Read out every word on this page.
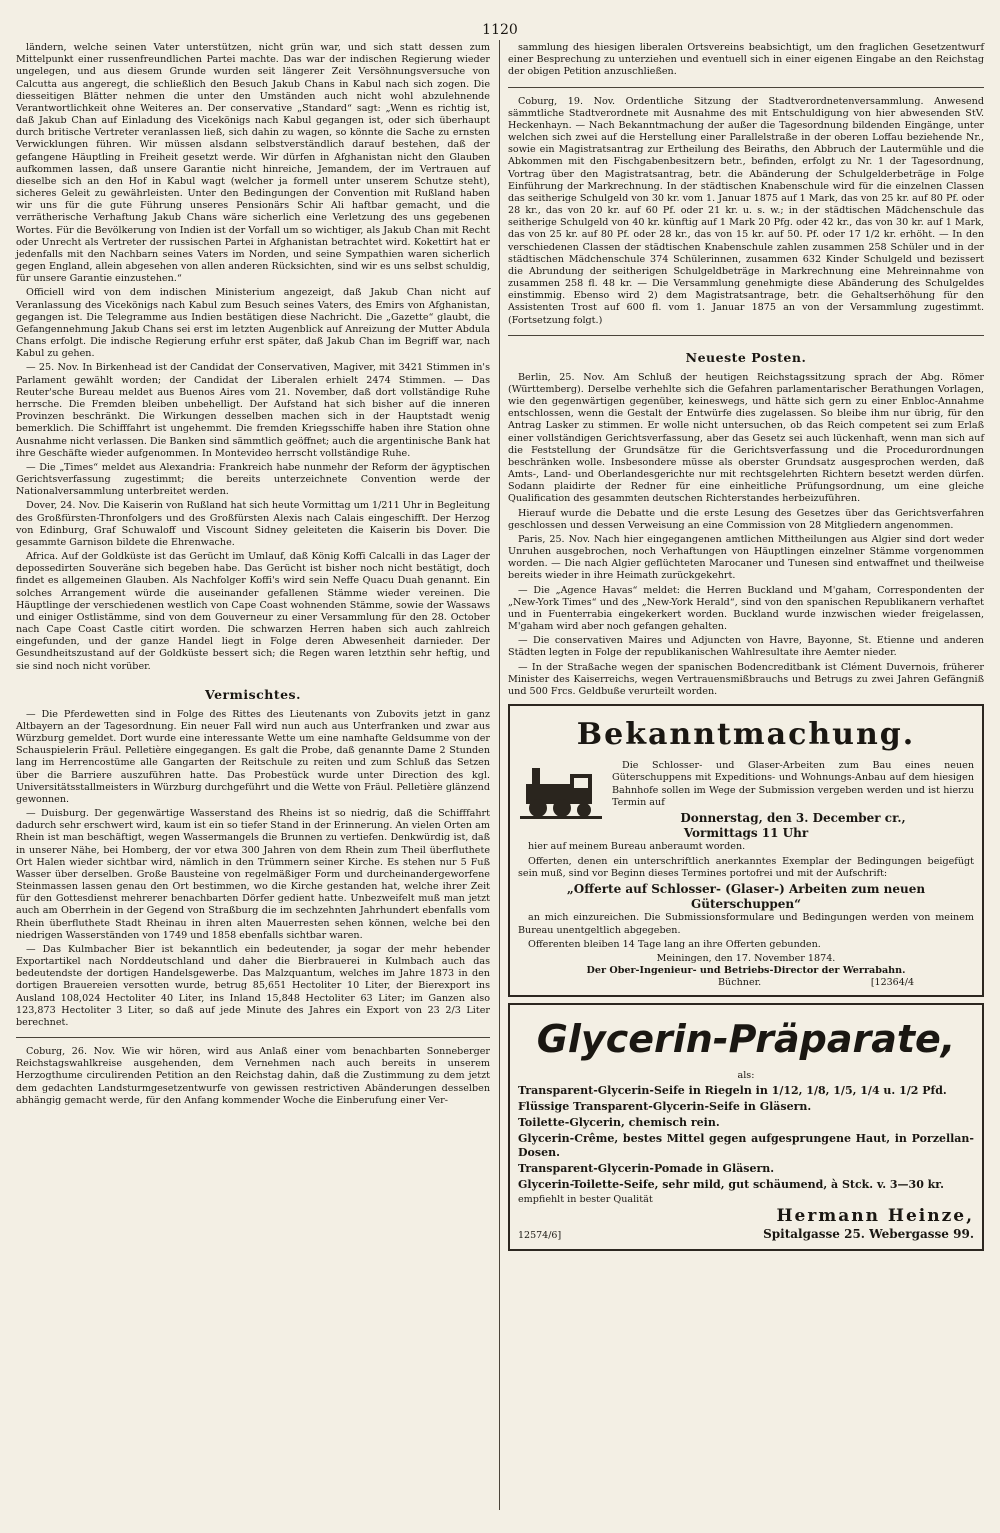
1120

ländern, welche seinen Vater unterstützen, nicht grün war, und sich statt dessen zum Mittelpunkt einer russenfreundlichen Partei machte. Das war der indischen Regierung wieder ungelegen, und aus diesem Grunde wurden seit längerer Zeit Versöhnungsversuche von Calcutta aus angeregt, die schließlich den Besuch Jakub Chans in Kabul nach sich zogen. Die diesseitigen Blätter nehmen die unter den Umständen auch nicht wohl abzulehnende Verantwortlichkeit ohne Weiteres an. Der conservative „Standard“ sagt: „Wenn es richtig ist, daß Jakub Chan auf Einladung des Vicekönigs nach Kabul gegangen ist, oder sich überhaupt durch britische Vertreter veranlassen ließ, sich dahin zu wagen, so könnte die Sache zu ernsten Verwicklungen führen. Wir müssen alsdann selbstverständlich darauf bestehen, daß der gefangene Häuptling in Freiheit gesetzt werde. Wir dürfen in Afghanistan nicht den Glauben aufkommen lassen, daß unsere Garantie nicht hinreiche, Jemandem, der im Vertrauen auf dieselbe sich an den Hof in Kabul wagt (welcher ja formell unter unserem Schutze steht), sicheres Geleit zu gewährleisten. Unter den Bedingungen der Convention mit Rußland haben wir uns für die gute Führung unseres Pensionärs Schir Ali haftbar gemacht, und die verrätherische Verhaftung Jakub Chans wäre sicherlich eine Verletzung des uns gegebenen Wortes. Für die Bevölkerung von Indien ist der Vorfall um so wichtiger, als Jakub Chan mit Recht oder Unrecht als Vertreter der russischen Partei in Afghanistan betrachtet wird. Kokettirt hat er jedenfalls mit den Nachbarn seines Vaters im Norden, und seine Sympathien waren sicherlich gegen England, allein abgesehen von allen anderen Rücksichten, sind wir es uns selbst schuldig, für unsere Garantie einzustehen.“

Officiell wird von dem indischen Ministerium angezeigt, daß Jakub Chan nicht auf Veranlassung des Vicekönigs nach Kabul zum Besuch seines Vaters, des Emirs von Afghanistan, gegangen ist. Die Telegramme aus Indien bestätigen diese Nachricht. Die „Gazette“ glaubt, die Gefangennehmung Jakub Chans sei erst im letzten Augenblick auf Anreizung der Mutter Abdula Chans erfolgt. Die indische Regierung erfuhr erst später, daß Jakub Chan im Begriff war, nach Kabul zu gehen.

— 25. Nov. In Birkenhead ist der Candidat der Conservativen, Magiver, mit 3421 Stimmen in's Parlament gewählt worden; der Candidat der Liberalen erhielt 2474 Stimmen. — Das Reuter'sche Bureau meldet aus Buenos Aires vom 21. November, daß dort vollständige Ruhe herrsche. Die Fremden bleiben unbehelligt. Der Aufstand hat sich bisher auf die inneren Provinzen beschränkt. Die Wirkungen desselben machen sich in der Hauptstadt wenig bemerklich. Die Schifffahrt ist ungehemmt. Die fremden Kriegsschiffe haben ihre Station ohne Ausnahme nicht verlassen. Die Banken sind sämmtlich geöffnet; auch die argentinische Bank hat ihre Geschäfte wieder aufgenommen. In Montevideo herrscht vollständige Ruhe.

— Die „Times“ meldet aus Alexandria: Frankreich habe nunmehr der Reform der ägyptischen Gerichtsverfassung zugestimmt; die bereits unterzeichnete Convention werde der Nationalversammlung unterbreitet werden.

Dover, 24. Nov. Die Kaiserin von Rußland hat sich heute Vormittag um 1/211 Uhr in Begleitung des Großfürsten-Thronfolgers und des Großfürsten Alexis nach Calais eingeschifft. Der Herzog von Edinburg, Graf Schuwaloff und Viscount Sidney geleiteten die Kaiserin bis Dover. Die gesammte Garnison bildete die Ehrenwache.

Africa. Auf der Goldküste ist das Gerücht im Umlauf, daß König Koffi Calcalli in das Lager der depossedirten Souveräne sich begeben habe. Das Gerücht ist bisher noch nicht bestätigt, doch findet es allgemeinen Glauben. Als Nachfolger Koffi's wird sein Neffe Quacu Duah genannt. Ein solches Arrangement würde die auseinander gefallenen Stämme wieder vereinen. Die Häuptlinge der verschiedenen westlich von Cape Coast wohnenden Stämme, sowie der Wassaws und einiger Ostlistämme, sind von dem Gouverneur zu einer Versammlung für den 28. October nach Cape Coast Castle citirt worden. Die schwarzen Herren haben sich auch zahlreich eingefunden, und der ganze Handel liegt in Folge deren Abwesenheit darnieder. Der Gesundheitszustand auf der Goldküste bessert sich; die Regen waren letzthin sehr heftig, und sie sind noch nicht vorüber.

Vermischtes.

— Die Pferdewetten sind in Folge des Rittes des Lieutenants von Zubovits jetzt in ganz Altbayern an der Tagesordnung. Ein neuer Fall wird nun auch aus Unterfranken und zwar aus Würzburg gemeldet. Dort wurde eine interessante Wette um eine namhafte Geldsumme von der Schauspielerin Fräul. Pelletière eingegangen. Es galt die Probe, daß genannte Dame 2 Stunden lang im Herrencostüme alle Gangarten der Reitschule zu reiten und zum Schluß das Setzen über die Barriere auszuführen hatte. Das Probestück wurde unter Direction des kgl. Universitätsstallmeisters in Würzburg durchgeführt und die Wette von Fräul. Pelletière glänzend gewonnen.

— Duisburg. Der gegenwärtige Wasserstand des Rheins ist so niedrig, daß die Schifffahrt dadurch sehr erschwert wird, kaum ist ein so tiefer Stand in der Erinnerung. An vielen Orten am Rhein ist man beschäftigt, wegen Wassermangels die Brunnen zu vertiefen. Denkwürdig ist, daß in unserer Nähe, bei Homberg, der vor etwa 300 Jahren von dem Rhein zum Theil überfluthete Ort Halen wieder sichtbar wird, nämlich in den Trümmern seiner Kirche. Es stehen nur 5 Fuß Wasser über derselben. Große Bausteine von regelmäßiger Form und durcheinandergeworfene Steinmassen lassen genau den Ort bestimmen, wo die Kirche gestanden hat, welche ihrer Zeit für den Gottesdienst mehrerer benachbarten Dörfer gedient hatte. Unbezweifelt muß man jetzt auch am Oberrhein in der Gegend von Straßburg die im sechzehnten Jahrhundert ebenfalls vom Rhein überfluthete Stadt Rheinau in ihren alten Mauerresten sehen können, welche bei den niedrigen Wasserständen von 1749 und 1858 ebenfalls sichtbar waren.

— Das Kulmbacher Bier ist bekanntlich ein bedeutender, ja sogar der mehr hebender Exportartikel nach Norddeutschland und daher die Bierbrauerei in Kulmbach auch das bedeutendste der dortigen Handelsgewerbe. Das Malzquantum, welches im Jahre 1873 in den dortigen Brauereien versotten wurde, betrug 85,651 Hectoliter 10 Liter, der Bierexport ins Ausland 108,024 Hectoliter 40 Liter, ins Inland 15,848 Hectoliter 63 Liter; im Ganzen also 123,873 Hectoliter 3 Liter, so daß auf jede Minute des Jahres ein Export von 23 2/3 Liter berechnet.

Coburg, 26. Nov. Wie wir hören, wird aus Anlaß einer vom benachbarten Sonneberger Reichstagswahlkreise ausgehenden, dem Vernehmen nach auch bereits in unserem Herzogthume circulirenden Petition an den Reichstag dahin, daß die Zustimmung zu dem jetzt dem gedachten Landsturmgesetzentwurfe von gewissen restrictiven Abänderungen desselben abhängig gemacht werde, für den Anfang kommender Woche die Einberufung einer Ver-

sammlung des hiesigen liberalen Ortsvereins beabsichtigt, um den fraglichen Gesetzentwurf einer Besprechung zu unterziehen und eventuell sich in einer eigenen Eingabe an den Reichstag der obigen Petition anzuschließen.

Coburg, 19. Nov. Ordentliche Sitzung der Stadtverordnetenversammlung. Anwesend sämmtliche Stadtverordnete mit Ausnahme des mit Entschuldigung von hier abwesenden StV. Heckenhayn. — Nach Bekanntmachung der außer die Tagesordnung bildenden Eingänge, unter welchen sich zwei auf die Herstellung einer Parallelstraße in der oberen Loffau beziehende Nr., sowie ein Magistratsantrag zur Ertheilung des Beiraths, den Abbruch der Lautermühle und die Abkommen mit den Fischgabenbesitzern betr., befinden, erfolgt zu Nr. 1 der Tagesordnung, Vortrag über den Magistratsantrag, betr. die Abänderung der Schulgelderbeträge in Folge Einführung der Markrechnung. In der städtischen Knabenschule wird für die einzelnen Classen das seitherige Schulgeld von 30 kr. vom 1. Januar 1875 auf 1 Mark, das von 25 kr. auf 80 Pf. oder 28 kr., das von 20 kr. auf 60 Pf. oder 21 kr. u. s. w.; in der städtischen Mädchenschule das seitherige Schulgeld von 40 kr. künftig auf 1 Mark 20 Pfg. oder 42 kr., das von 30 kr. auf 1 Mark, das von 25 kr. auf 80 Pf. oder 28 kr., das von 15 kr. auf 50. Pf. oder 17 1/2 kr. erhöht. — In den verschiedenen Classen der städtischen Knabenschule zahlen zusammen 258 Schüler und in der städtischen Mädchenschule 374 Schülerinnen, zusammen 632 Kinder Schulgeld und bezissert die Abrundung der seitherigen Schulgeldbeträge in Markrechnung eine Mehreinnahme von zusammen 258 fl. 48 kr. — Die Versammlung genehmigte diese Abänderung des Schulgeldes einstimmig. Ebenso wird 2) dem Magistratsantrage, betr. die Gehaltserhöhung für den Assistenten Trost auf 600 fl. vom 1. Januar 1875 an von der Versammlung zugestimmt. (Fortsetzung folgt.)

Neueste Posten.

Berlin, 25. Nov. Am Schluß der heutigen Reichstagssitzung sprach der Abg. Römer (Württemberg). Derselbe verhehlte sich die Gefahren parlamentarischer Berathungen Vorlagen, wie den gegenwärtigen gegenüber, keineswegs, und hätte sich gern zu einer Enbloc-Annahme entschlossen, wenn die Gestalt der Entwürfe dies zugelassen. So bleibe ihm nur übrig, für den Antrag Lasker zu stimmen. Er wolle nicht untersuchen, ob das Reich competent sei zum Erlaß einer vollständigen Gerichtsverfassung, aber das Gesetz sei auch lückenhaft, wenn man sich auf die Feststellung der Grundsätze für die Gerichtsverfassung und die Procedurordnungen beschränken wolle. Insbesondere müsse als oberster Grundsatz ausgesprochen werden, daß Amts-, Land- und Oberlandesgerichte nur mit rechtsgelehrten Richtern besetzt werden dürfen. Sodann plaidirte der Redner für eine einheitliche Prüfungsordnung, um eine gleiche Qualification des gesammten deutschen Richterstandes herbeizuführen.

Hierauf wurde die Debatte und die erste Lesung des Gesetzes über das Gerichtsverfahren geschlossen und dessen Verweisung an eine Commission von 28 Mitgliedern angenommen.

Paris, 25. Nov. Nach hier eingegangenen amtlichen Mittheilungen aus Algier sind dort weder Unruhen ausgebrochen, noch Verhaftungen von Häuptlingen einzelner Stämme vorgenommen worden. — Die nach Algier geflüchteten Marocaner und Tunesen sind entwaffnet und theilweise bereits wieder in ihre Heimath zurückgekehrt.

— Die „Agence Havas“ meldet: die Herren Buckland und M'gaham, Correspondenten der „New-York Times“ und des „New-York Herald“, sind von den spanischen Republikanern verhaftet und in Fuenterrabia eingekerkert worden. Buckland wurde inzwischen wieder freigelassen, M'gaham wird aber noch gefangen gehalten.

— Die conservativen Maires und Adjuncten von Havre, Bayonne, St. Etienne und anderen Städten legten in Folge der republikanischen Wahlresultate ihre Aemter nieder.

— In der Straßache wegen der spanischen Bodencreditbank ist Clément Duvernois, früherer Minister des Kaiserreichs, wegen Vertrauensmißbrauchs und Betrugs zu zwei Jahren Gefängniß und 500 Frcs. Geldbuße verurteilt worden.

Bekanntmachung.

Die Schlosser- und Glaser-Arbeiten zum Bau eines neuen Güterschuppens mit Expeditions- und Wohnungs-Anbau auf dem hiesigen Bahnhofe sollen im Wege der Submission vergeben werden und ist hierzu Termin auf

Donnerstag, den 3. December cr.,
Vormittags 11 Uhr

hier auf meinem Bureau anberaumt worden.

Offerten, denen ein unterschriftlich anerkanntes Exemplar der Bedingungen beigefügt sein muß, sind vor Beginn dieses Termines portofrei und mit der Aufschrift:

„Offerte auf Schlosser- (Glaser-) Arbeiten zum neuen Güterschuppen“

an mich einzureichen. Die Submissionsformulare und Bedingungen werden von meinem Bureau unentgeltlich abgegeben.

Offerenten bleiben 14 Tage lang an ihre Offerten gebunden.

Meiningen, den 17. November 1874.
Der Ober-Ingenieur- und Betriebs-Director der Werrabahn.
Büchner.	[12364/4
Glycerin-Präparate,
als:
Transparent-Glycerin-Seife in Riegeln in 1/12, 1/8, 1/5, 1/4 u. 1/2 Pfd.
Flüssige Transparent-Glycerin-Seife in Gläsern.
Toilette-Glycerin, chemisch rein.
Glycerin-Crême, bestes Mittel gegen aufgesprungene Haut, in Porzellan-Dosen.
Transparent-Glycerin-Pomade in Gläsern.
Glycerin-Toilette-Seife, sehr mild, gut schäumend, à Stck. v. 3—30 kr.
empfiehlt in bester Qualität
Hermann Heinze,
12574/6]	Spitalgasse 25. Webergasse 99.
